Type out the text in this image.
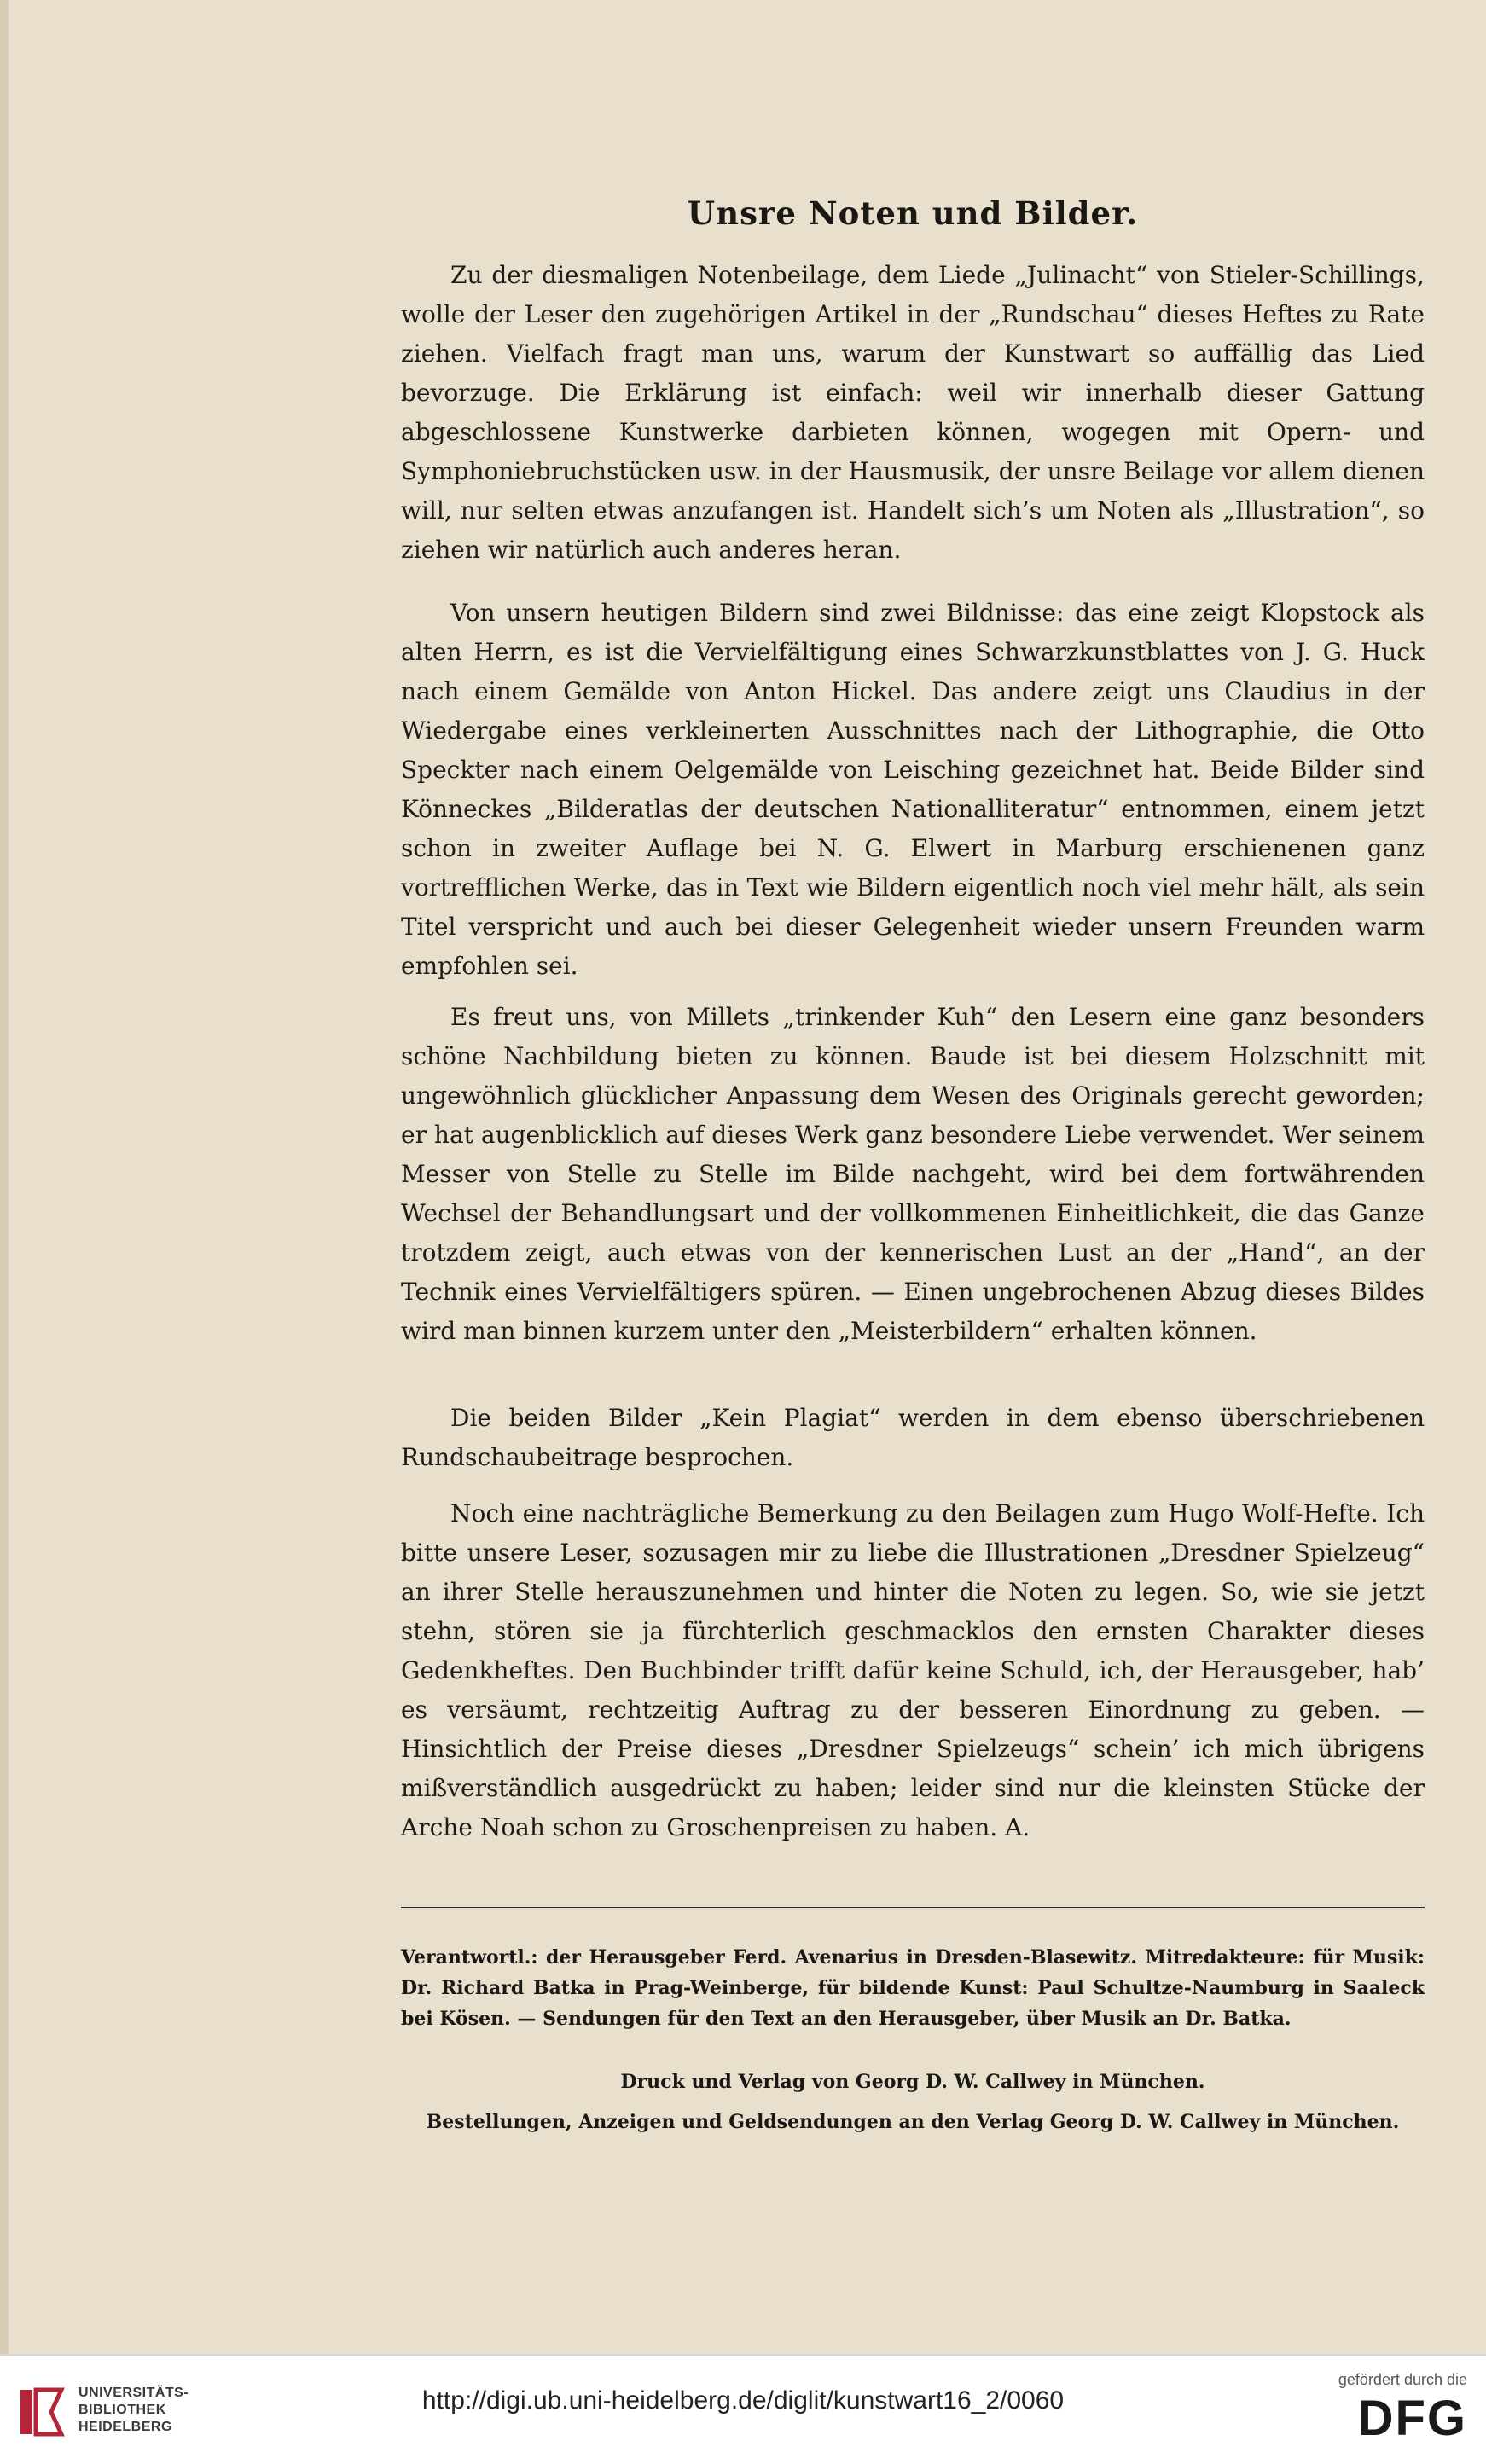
Unsre Noten und Bilder.

Zu der diesmaligen Notenbeilage, dem Liede „Julinacht“ von Stieler-Schillings, wolle der Leser den zugehörigen Artikel in der „Rundschau“ dieses Heftes zu Rate ziehen. Vielfach fragt man uns, warum der Kunstwart so auffällig das Lied bevorzuge. Die Erklärung ist einfach: weil wir innerhalb dieser Gattung abgeschlossene Kunstwerke darbieten können, wogegen mit Opern- und Symphoniebruchstücken usw. in der Hausmusik, der unsre Beilage vor allem dienen will, nur selten etwas anzufangen ist. Handelt sich’s um Noten als „Illustration“, so ziehen wir natürlich auch anderes heran.

Von unsern heutigen Bildern sind zwei Bildnisse: das eine zeigt Klopstock als alten Herrn, es ist die Vervielfältigung eines Schwarzkunstblattes von J. G. Huck nach einem Gemälde von Anton Hickel. Das andere zeigt uns Claudius in der Wiedergabe eines verkleinerten Ausschnittes nach der Lithographie, die Otto Speckter nach einem Oelgemälde von Leisching gezeichnet hat. Beide Bilder sind Könneckes „Bilderatlas der deutschen Nationalliteratur“ entnommen, einem jetzt schon in zweiter Auflage bei N. G. Elwert in Marburg erschienenen ganz vortrefflichen Werke, das in Text wie Bildern eigentlich noch viel mehr hält, als sein Titel verspricht und auch bei dieser Gelegenheit wieder unsern Freunden warm empfohlen sei.

Es freut uns, von Millets „trinkender Kuh“ den Lesern eine ganz besonders schöne Nachbildung bieten zu können. Baude ist bei diesem Holzschnitt mit ungewöhnlich glücklicher Anpassung dem Wesen des Originals gerecht geworden; er hat augenblicklich auf dieses Werk ganz besondere Liebe verwendet. Wer seinem Messer von Stelle zu Stelle im Bilde nachgeht, wird bei dem fortwährenden Wechsel der Behandlungsart und der vollkommenen Einheitlichkeit, die das Ganze trotzdem zeigt, auch etwas von der kennerischen Lust an der „Hand“, an der Technik eines Vervielfältigers spüren. — Einen ungebrochenen Abzug dieses Bildes wird man binnen kurzem unter den „Meisterbildern“ erhalten können.

Die beiden Bilder „Kein Plagiat“ werden in dem ebenso überschriebenen Rundschaubeitrage besprochen.

Noch eine nachträgliche Bemerkung zu den Beilagen zum Hugo Wolf-Hefte. Ich bitte unsere Leser, sozusagen mir zu liebe die Illustrationen „Dresdner Spielzeug“ an ihrer Stelle herauszunehmen und hinter die Noten zu legen. So, wie sie jetzt stehn, stören sie ja fürchterlich geschmacklos den ernsten Charakter dieses Gedenkheftes. Den Buchbinder trifft dafür keine Schuld, ich, der Herausgeber, hab’ es versäumt, rechtzeitig Auftrag zu der besseren Einordnung zu geben. — Hinsichtlich der Preise dieses „Dresdner Spielzeugs“ schein’ ich mich übrigens mißverständlich ausgedrückt zu haben; leider sind nur die kleinsten Stücke der Arche Noah schon zu Groschenpreisen zu haben. A.

Verantwortl.: der Herausgeber Ferd. Avenarius in Dresden-Blasewitz. Mitredakteure: für Musik: Dr. Richard Batka in Prag-Weinberge, für bildende Kunst: Paul Schultze-Naumburg in Saaleck bei Kösen. — Sendungen für den Text an den Herausgeber, über Musik an Dr. Batka.

Druck und Verlag von Georg D. W. Callwey in München.

Bestellungen, Anzeigen und Geldsendungen an den Verlag Georg D. W. Callwey in München.

UNIVERSITÄTS-
BIBLIOTHEK
HEIDELBERG
http://digi.ub.uni-heidelberg.de/diglit/kunstwart16_2/0060
gefördert durch die
DFG
